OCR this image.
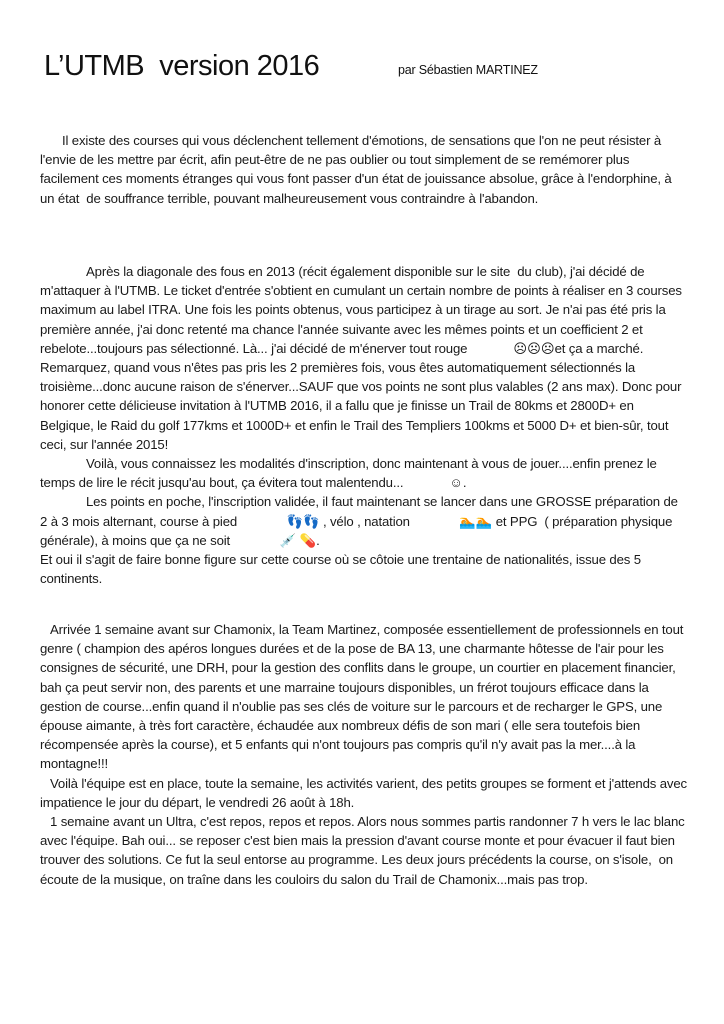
L’UTMB  version 2016	par Sébastien MARTINEZ

Il existe des courses qui vous déclenchent tellement d'émotions, de sensations que l'on ne peut résister à l'envie de les mettre par écrit, afin peut-être de ne pas oublier ou tout simplement de se remémorer plus facilement ces moments étranges qui vous font passer d'un état de jouissance absolue, grâce à l'endorphine, à un état  de souffrance terrible, pouvant malheureusement vous contraindre à l'abandon.

Après la diagonale des fous en 2013 (récit également disponible sur le site  du club), j'ai décidé de m'attaquer à l'UTMB. Le ticket d'entrée s'obtient en cumulant un certain nombre de points à réaliser en 3 courses maximum au label ITRA. Une fois les points obtenus, vous participez à un tirage au sort. Je n'ai pas été pris la première année, j'ai donc retenté ma chance l'année suivante avec les mêmes points et un coefficient 2 et rebelote...toujours pas sélectionné. Là... j'ai décidé de m'énerver tout rouge	☹☹☹et ça a marché. Remarquez, quand vous n'êtes pas pris les 2 premières fois, vous êtes automatiquement sélectionnés la troisième...donc aucune raison de s'énerver...SAUF que vos points ne sont plus valables (2 ans max). Donc pour honorer cette délicieuse invitation à l'UTMB 2016, il a fallu que je finisse un Trail de 80kms et 2800D+ en Belgique, le Raid du golf 177kms et 1000D+ et enfin le Trail des Templiers 100kms et 5000 D+ et bien-sûr, tout ceci, sur l'année 2015!

Voilà, vous connaissez les modalités d'inscription, donc maintenant à vous de jouer....enfin prenez le temps de lire le récit jusqu'au bout, ça évitera tout malentendu...	☺.

Les points en poche, l'inscription validée, il faut maintenant se lancer dans une GROSSE préparation de 2 à 3 mois alternant, course à pied	👣👣 , vélo , natation	🏊🏊 et PPG  ( préparation physique générale), à moins que ça ne soit	💉 💊.

Et oui il s'agit de faire bonne figure sur cette course où se côtoie une trentaine de nationalités, issue des 5 continents.

Arrivée 1 semaine avant sur Chamonix, la Team Martinez, composée essentiellement de professionnels en tout genre ( champion des apéros longues durées et de la pose de BA 13, une charmante hôtesse de l'air pour les consignes de sécurité, une DRH, pour la gestion des conflits dans le groupe, un courtier en placement financier, bah ça peut servir non, des parents et une marraine toujours disponibles, un frérot toujours efficace dans la gestion de course...enfin quand il n'oublie pas ses clés de voiture sur le parcours et de recharger le GPS, une épouse aimante, à très fort caractère, échaudée aux nombreux défis de son mari ( elle sera toutefois bien récompensée après la course), et 5 enfants qui n'ont toujours pas compris qu'il n'y avait pas la mer....à la montagne!!!

Voilà l'équipe est en place, toute la semaine, les activités varient, des petits groupes se forment et j'attends avec impatience le jour du départ, le vendredi 26 août à 18h.

1 semaine avant un Ultra, c'est repos, repos et repos. Alors nous sommes partis randonner 7 h vers le lac blanc avec l'équipe. Bah oui... se reposer c'est bien mais la pression d'avant course monte et pour évacuer il faut bien trouver des solutions. Ce fut la seul entorse au programme. Les deux jours précédents la course, on s'isole,  on écoute de la musique, on traîne dans les couloirs du salon du Trail de Chamonix...mais pas trop.
